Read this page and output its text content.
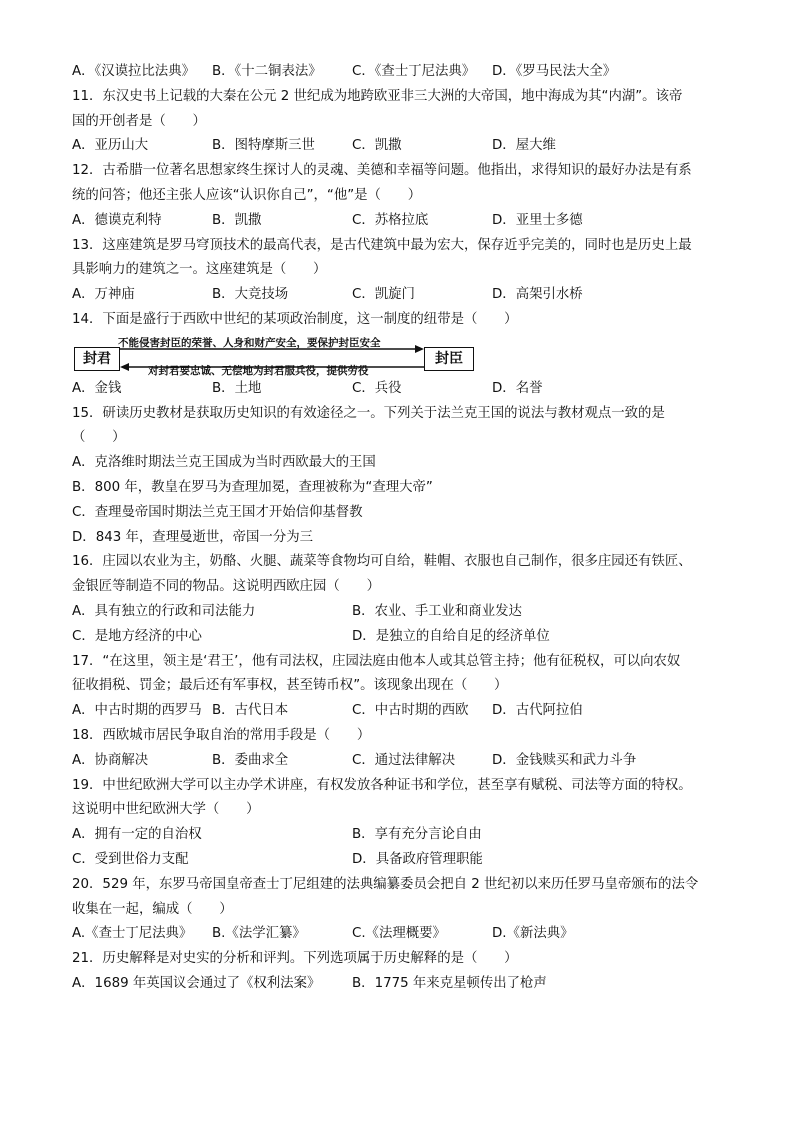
A．《汉谟拉比法典》 B．《十二铜表法》 C．《查士丁尼法典》 D．《罗马民法大全》
11．东汉史书上记载的大秦在公元 2 世纪成为地跨欧亚非三大洲的大帝国，地中海成为其“内湖”。该帝
国的开创者是（　　）
A．亚历山大	B．图特摩斯三世	C．凯撒	D．屋大维
12．古希腊一位著名思想家终生探讨人的灵魂、美德和幸福等问题。他指出，求得知识的最好办法是有系
统的问答；他还主张人应该“认识你自己”，“他”是（　　）
A．德谟克利特	B．凯撒	C．苏格拉底	D．亚里士多德
13．这座建筑是罗马穹顶技术的最高代表，是古代建筑中最为宏大，保存近乎完美的，同时也是历史上最
具影响力的建筑之一。这座建筑是（　　）
A．万神庙	B．大竞技场	C．凯旋门	D．高架引水桥
14．下面是盛行于西欧中世纪的某项政治制度，这一制度的纽带是（　　）
封君	封臣
不能侵害封臣的荣誉、人身和财产安全，要保护封臣安全
对封君要忠诚、无偿地为封君服兵役，提供劳役
A．金钱	B．土地	C．兵役	D．名誉
15．研读历史教材是获取历史知识的有效途径之一。下列关于法兰克王国的说法与教材观点一致的是
（　　）
A．克洛维时期法兰克王国成为当时西欧最大的王国
B．800 年，教皇在罗马为查理加冕，查理被称为“查理大帝”
C．查理曼帝国时期法兰克王国才开始信仰基督教
D．843 年，查理曼逝世，帝国一分为三
16．庄园以农业为主，奶酪、火腿、蔬菜等食物均可自给，鞋帽、衣服也自己制作，很多庄园还有铁匠、
金银匠等制造不同的物品。这说明西欧庄园（　　）
A．具有独立的行政和司法能力	B．农业、手工业和商业发达
C．是地方经济的中心	D．是独立的自给自足的经济单位
17．“在这里，领主是‘君王’，他有司法权，庄园法庭由他本人或其总管主持；他有征税权，可以向农奴
征收捐税、罚金；最后还有军事权，甚至铸币权”。该现象出现在（　　）
A．中古时期的西罗马 B．古代日本	C．中古时期的西欧 D．古代阿拉伯
18．西欧城市居民争取自治的常用手段是（　　）
A．协商解决	B．委曲求全	C．通过法律解决	D．金钱赎买和武力斗争
19．中世纪欧洲大学可以主办学术讲座，有权发放各种证书和学位，甚至享有赋税、司法等方面的特权。
这说明中世纪欧洲大学（　　）
A．拥有一定的自治权	B．享有充分言论自由
C．受到世俗力支配	D．具备政府管理职能
20．529 年，东罗马帝国皇帝查士丁尼组建的法典编纂委员会把自 2 世纪初以来历任罗马皇帝颁布的法令
收集在一起，编成（　　）
A.《查士丁尼法典》 B.《法学汇纂》	C.《法理概要》	D.《新法典》
21．历史解释是对史实的分析和评判。下列选项属于历史解释的是（　　）
A．1689 年英国议会通过了《权利法案》 B．1775 年来克星顿传出了枪声
